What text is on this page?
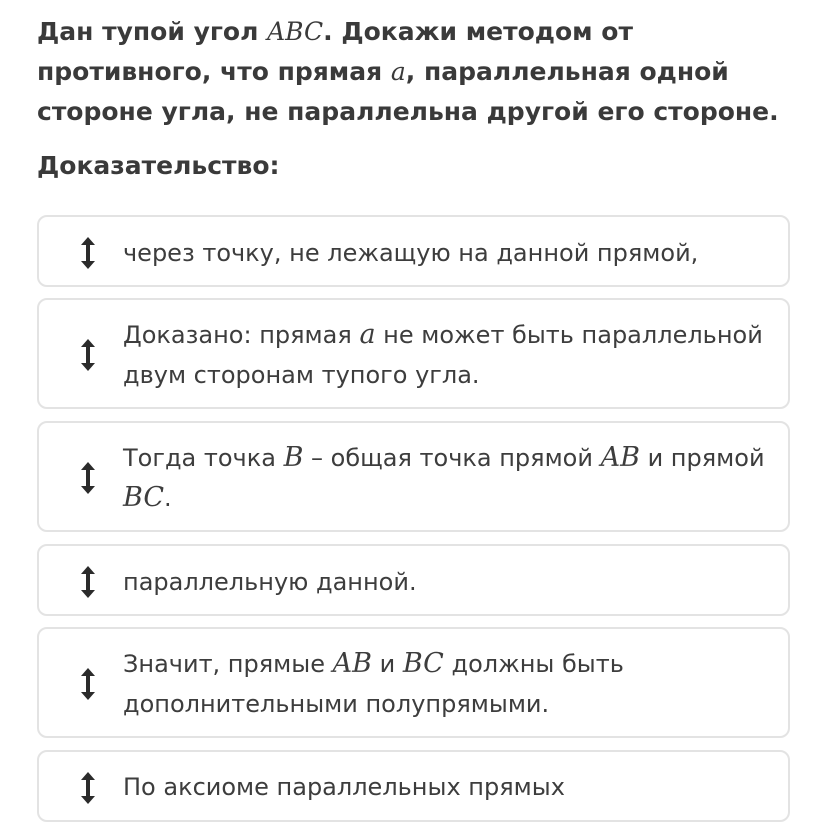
Дан тупой угол ABC. Докажи методом от противного, что прямая a, параллельная одной стороне угла, не параллельна другой его стороне.
Доказательство:
через точку, не лежащую на данной прямой,
Доказано: прямая a не может быть параллельной двум сторонам тупого угла.
Тогда точка B – общая точка прямой AB и прямой BC.
параллельную данной.
Значит, прямые AB и BC должны быть дополнительными полупрямыми.
По аксиоме параллельных прямых
